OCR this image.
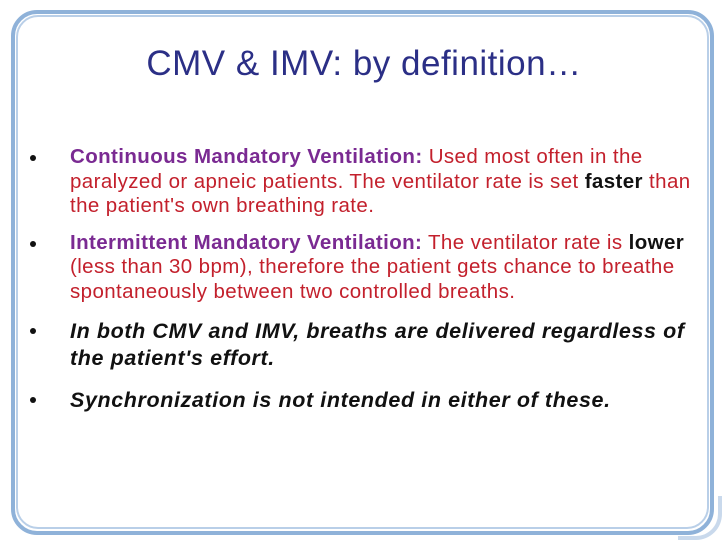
CMV & IMV: by definition…
Continuous Mandatory Ventilation: Used most often in the paralyzed or apneic patients. The ventilator rate is set faster than the patient's own breathing rate.
Intermittent Mandatory Ventilation: The ventilator rate is lower (less than 30 bpm), therefore the patient gets chance to breathe spontaneously between two controlled breaths.
In both CMV and IMV, breaths are delivered regardless of the patient's effort.
Synchronization is not intended in either of these.
